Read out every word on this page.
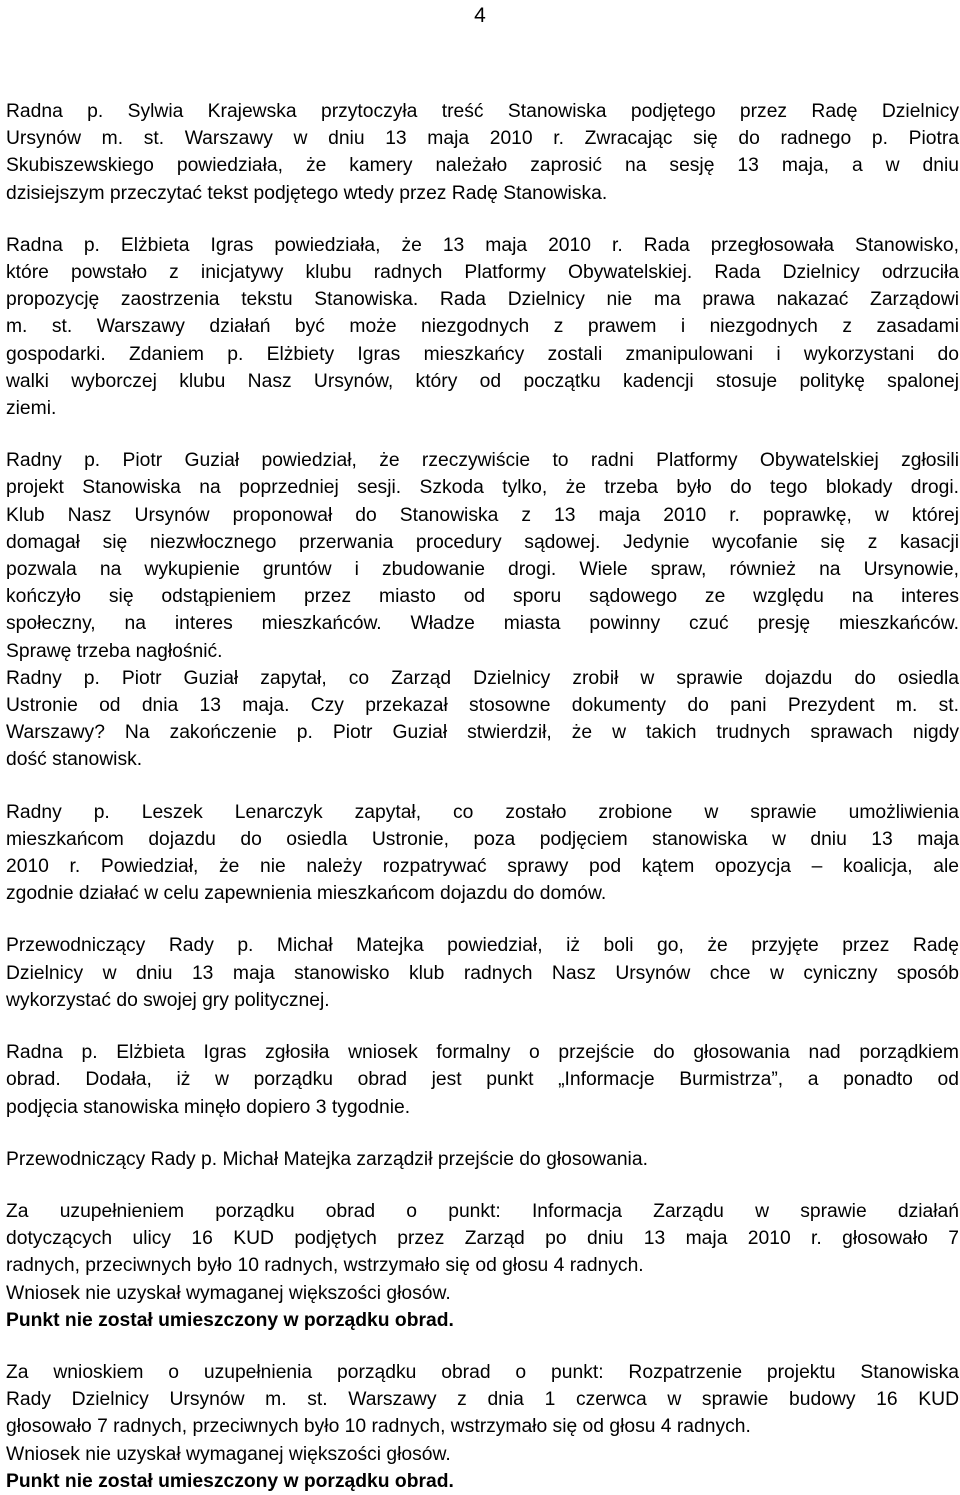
4

Radna p. Sylwia Krajewska przytoczyła treść Stanowiska podjętego przez Radę Dzielnicy
Ursynów m. st. Warszawy w dniu 13 maja 2010 r. Zwracając się do radnego p. Piotra
Skubiszewskiego powiedziała, że kamery należało zaprosić na sesję 13 maja, a w dniu
dzisiejszym przeczytać tekst podjętego wtedy przez Radę Stanowiska.

Radna p. Elżbieta Igras powiedziała, że 13 maja 2010 r. Rada przegłosowała Stanowisko,
które powstało z inicjatywy klubu radnych Platformy Obywatelskiej. Rada Dzielnicy odrzuciła
propozycję zaostrzenia tekstu Stanowiska. Rada Dzielnicy nie ma prawa nakazać Zarządowi
m. st. Warszawy działań być może niezgodnych z prawem i niezgodnych z zasadami
gospodarki. Zdaniem p. Elżbiety Igras mieszkańcy zostali zmanipulowani i wykorzystani do
walki wyborczej klubu Nasz Ursynów, który od początku kadencji stosuje politykę spalonej
ziemi.

Radny p. Piotr Guział powiedział, że rzeczywiście to radni Platformy Obywatelskiej zgłosili
projekt Stanowiska na poprzedniej sesji. Szkoda tylko, że trzeba było do tego blokady drogi.
Klub Nasz Ursynów proponował do Stanowiska z 13 maja 2010 r. poprawkę, w której
domagał się niezwłocznego przerwania procedury sądowej. Jedynie wycofanie się z kasacji
pozwala na wykupienie gruntów i zbudowanie drogi. Wiele spraw, również na Ursynowie,
kończyło się odstąpieniem przez miasto od sporu sądowego ze względu na interes
społeczny, na interes mieszkańców. Władze miasta powinny czuć presję mieszkańców.
Sprawę trzeba nagłośnić.

Radny p. Piotr Guział zapytał, co Zarząd Dzielnicy zrobił w sprawie dojazdu do osiedla
Ustronie od dnia 13 maja. Czy przekazał stosowne dokumenty do pani Prezydent m. st.
Warszawy? Na zakończenie p. Piotr Guział stwierdził, że w takich trudnych sprawach nigdy
dość stanowisk.

Radny p. Leszek Lenarczyk zapytał, co zostało zrobione w sprawie umożliwienia
mieszkańcom dojazdu do osiedla Ustronie, poza podjęciem stanowiska w dniu 13 maja
2010 r. Powiedział, że nie należy rozpatrywać sprawy pod kątem opozycja – koalicja, ale
zgodnie działać w celu zapewnienia mieszkańcom dojazdu do domów.

Przewodniczący Rady p. Michał Matejka powiedział, iż boli go, że przyjęte przez Radę
Dzielnicy w dniu 13 maja stanowisko klub radnych Nasz Ursynów chce w cyniczny sposób
wykorzystać do swojej gry politycznej.

Radna p. Elżbieta Igras zgłosiła wniosek formalny o przejście do głosowania nad porządkiem
obrad. Dodała, iż w porządku obrad jest punkt „Informacje Burmistrza”, a ponadto od
podjęcia stanowiska minęło dopiero 3 tygodnie.

Przewodniczący Rady p. Michał Matejka zarządził przejście do głosowania.

Za uzupełnieniem porządku obrad o punkt: Informacja Zarządu w sprawie działań
dotyczących ulicy 16 KUD podjętych przez Zarząd po dniu 13 maja 2010 r. głosowało 7
radnych, przeciwnych było 10 radnych, wstrzymało się od głosu 4 radnych.
Wniosek nie uzyskał wymaganej większości głosów.
Punkt nie został umieszczony w porządku obrad.

Za wnioskiem o uzupełnienia porządku obrad o punkt: Rozpatrzenie projektu Stanowiska
Rady Dzielnicy Ursynów m. st. Warszawy z dnia 1 czerwca w sprawie budowy 16 KUD
głosowało 7 radnych, przeciwnych było 10 radnych, wstrzymało się od głosu 4 radnych.
Wniosek nie uzyskał wymaganej większości głosów.
Punkt nie został umieszczony w porządku obrad.
